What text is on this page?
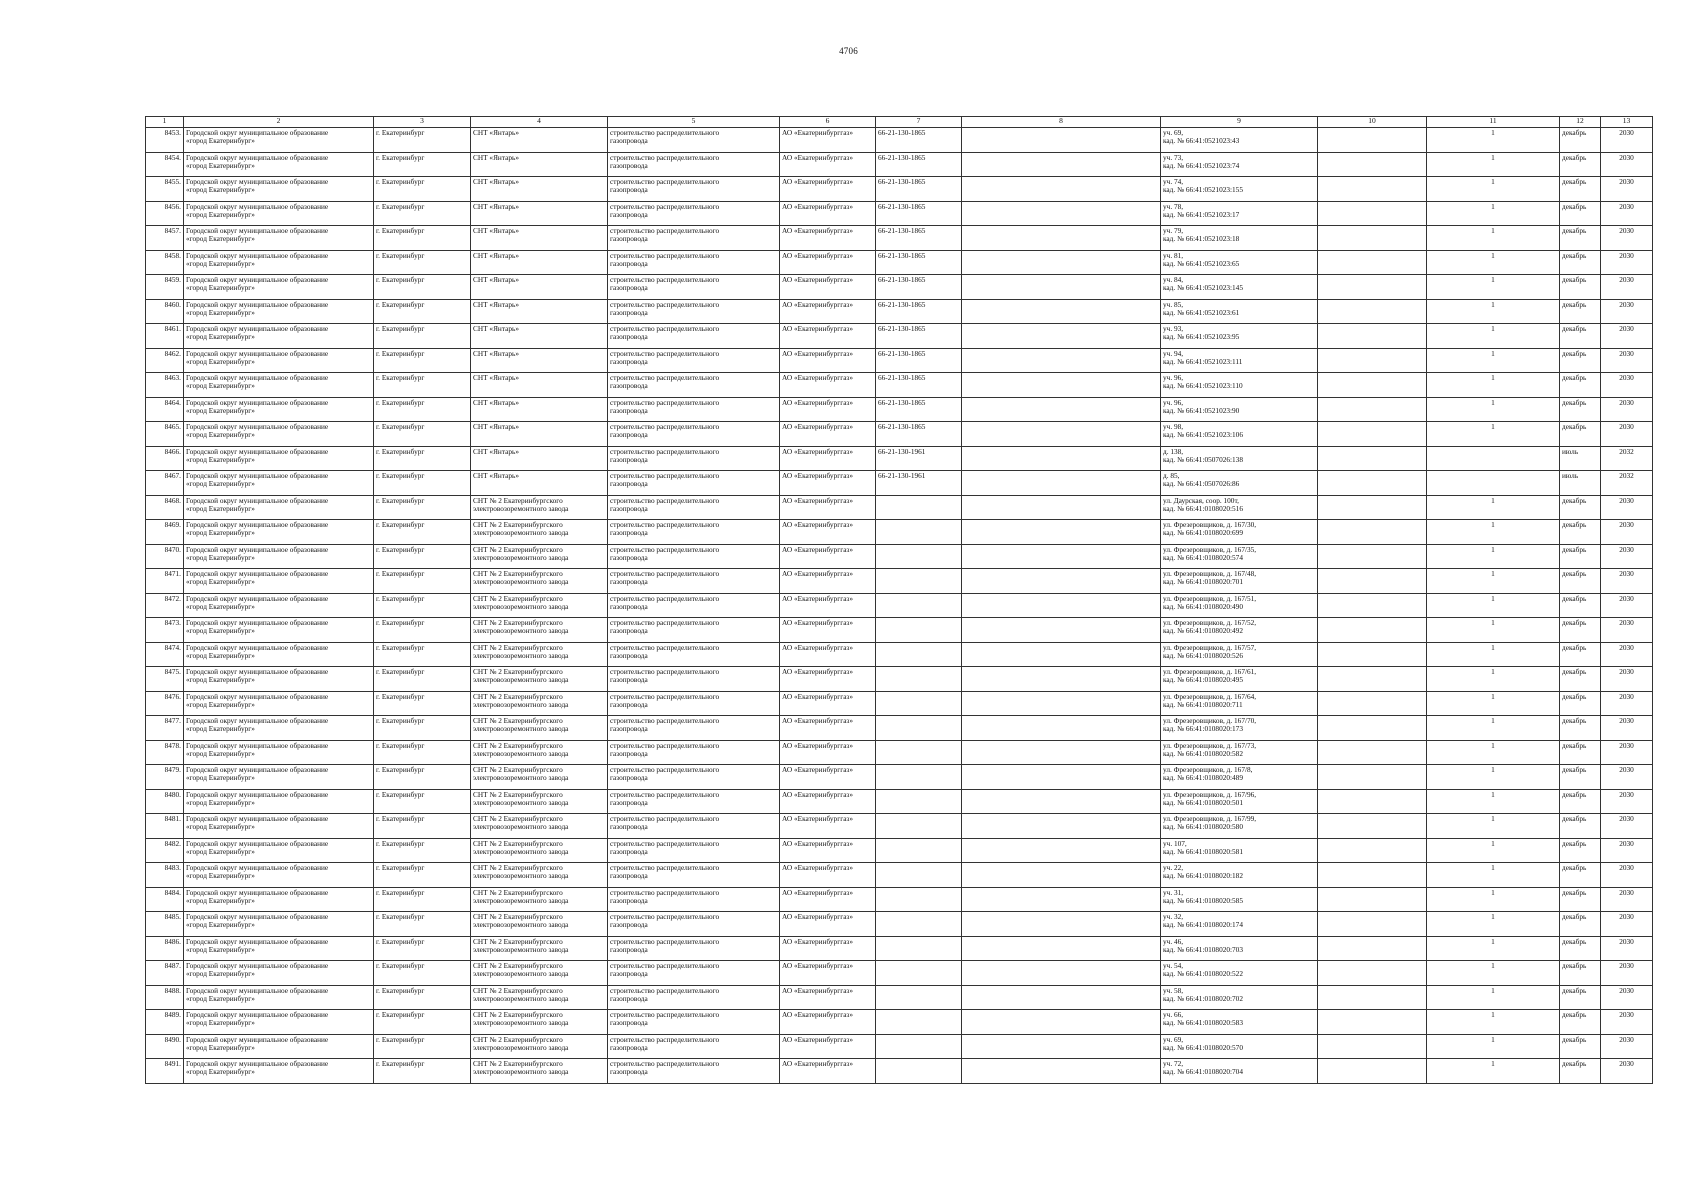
4706
1	2	3	4	5	6	7	8	9	10	11	12	13
8453.	Городской округ муниципальное образование
«город Екатеринбург»	г. Екатеринбург	СНТ «Янтарь»	строительство распределительного
газопровода	АО «Екатеринбурггаз»	66-21-130-1865		уч. 69,
кад. № 66:41:0521023:43		1	декабрь	2030
8454.	Городской округ муниципальное образование
«город Екатеринбург»	г. Екатеринбург	СНТ «Янтарь»	строительство распределительного
газопровода	АО «Екатеринбурггаз»	66-21-130-1865		уч. 73,
кад. № 66:41:0521023:74		1	декабрь	2030
8455.	Городской округ муниципальное образование
«город Екатеринбург»	г. Екатеринбург	СНТ «Янтарь»	строительство распределительного
газопровода	АО «Екатеринбурггаз»	66-21-130-1865		уч. 74,
кад. № 66:41:0521023:155		1	декабрь	2030
8456.	Городской округ муниципальное образование
«город Екатеринбург»	г. Екатеринбург	СНТ «Янтарь»	строительство распределительного
газопровода	АО «Екатеринбурггаз»	66-21-130-1865		уч. 78,
кад. № 66:41:0521023:17		1	декабрь	2030
8457.	Городской округ муниципальное образование
«город Екатеринбург»	г. Екатеринбург	СНТ «Янтарь»	строительство распределительного
газопровода	АО «Екатеринбурггаз»	66-21-130-1865		уч. 79,
кад. № 66:41:0521023:18		1	декабрь	2030
8458.	Городской округ муниципальное образование
«город Екатеринбург»	г. Екатеринбург	СНТ «Янтарь»	строительство распределительного
газопровода	АО «Екатеринбурггаз»	66-21-130-1865		уч. 81,
кад. № 66:41:0521023:65		1	декабрь	2030
8459.	Городской округ муниципальное образование
«город Екатеринбург»	г. Екатеринбург	СНТ «Янтарь»	строительство распределительного
газопровода	АО «Екатеринбурггаз»	66-21-130-1865		уч. 84,
кад. № 66:41:0521023:145		1	декабрь	2030
8460.	Городской округ муниципальное образование
«город Екатеринбург»	г. Екатеринбург	СНТ «Янтарь»	строительство распределительного
газопровода	АО «Екатеринбурггаз»	66-21-130-1865		уч. 85,
кад. № 66:41:0521023:61		1	декабрь	2030
8461.	Городской округ муниципальное образование
«город Екатеринбург»	г. Екатеринбург	СНТ «Янтарь»	строительство распределительного
газопровода	АО «Екатеринбурггаз»	66-21-130-1865		уч. 93,
кад. № 66:41:0521023:95		1	декабрь	2030
8462.	Городской округ муниципальное образование
«город Екатеринбург»	г. Екатеринбург	СНТ «Янтарь»	строительство распределительного
газопровода	АО «Екатеринбурггаз»	66-21-130-1865		уч. 94,
кад. № 66:41:0521023:111		1	декабрь	2030
8463.	Городской округ муниципальное образование
«город Екатеринбург»	г. Екатеринбург	СНТ «Янтарь»	строительство распределительного
газопровода	АО «Екатеринбурггаз»	66-21-130-1865		уч. 96,
кад. № 66:41:0521023:110		1	декабрь	2030
8464.	Городской округ муниципальное образование
«город Екатеринбург»	г. Екатеринбург	СНТ «Янтарь»	строительство распределительного
газопровода	АО «Екатеринбурггаз»	66-21-130-1865		уч. 96,
кад. № 66:41:0521023:90		1	декабрь	2030
8465.	Городской округ муниципальное образование
«город Екатеринбург»	г. Екатеринбург	СНТ «Янтарь»	строительство распределительного
газопровода	АО «Екатеринбурггаз»	66-21-130-1865		уч. 98,
кад. № 66:41:0521023:106		1	декабрь	2030
8466.	Городской округ муниципальное образование
«город Екатеринбург»	г. Екатеринбург	СНТ «Янтарь»	строительство распределительного
газопровода	АО «Екатеринбурггаз»	66-21-130-1961		д. 138,
кад. № 66:41:0507026:138			июль	2032
8467.	Городской округ муниципальное образование
«город Екатеринбург»	г. Екатеринбург	СНТ «Янтарь»	строительство распределительного
газопровода	АО «Екатеринбурггаз»	66-21-130-1961		д. 85,
кад. № 66:41:0507026:86			июль	2032
8468.	Городской округ муниципальное образование
«город Екатеринбург»	г. Екатеринбург	СНТ № 2 Екатеринбургского
электровозоремонтного завода	строительство распределительного
газопровода	АО «Екатеринбурггаз»			ул. Даурская, соор. 100т,
кад. № 66:41:0108020:516		1	декабрь	2030
8469.	Городской округ муниципальное образование
«город Екатеринбург»	г. Екатеринбург	СНТ № 2 Екатеринбургского
электровозоремонтного завода	строительство распределительного
газопровода	АО «Екатеринбурггаз»			ул. Фрезеровщиков, д. 167/30,
кад. № 66:41:0108020:699		1	декабрь	2030
8470.	Городской округ муниципальное образование
«город Екатеринбург»	г. Екатеринбург	СНТ № 2 Екатеринбургского
электровозоремонтного завода	строительство распределительного
газопровода	АО «Екатеринбурггаз»			ул. Фрезеровщиков, д. 167/35,
кад. № 66:41:0108020:574		1	декабрь	2030
8471.	Городской округ муниципальное образование
«город Екатеринбург»	г. Екатеринбург	СНТ № 2 Екатеринбургского
электровозоремонтного завода	строительство распределительного
газопровода	АО «Екатеринбурггаз»			ул. Фрезеровщиков, д. 167/48,
кад. № 66:41:0108020:701		1	декабрь	2030
8472.	Городской округ муниципальное образование
«город Екатеринбург»	г. Екатеринбург	СНТ № 2 Екатеринбургского
электровозоремонтного завода	строительство распределительного
газопровода	АО «Екатеринбурггаз»			ул. Фрезеровщиков, д. 167/51,
кад. № 66:41:0108020:490		1	декабрь	2030
8473.	Городской округ муниципальное образование
«город Екатеринбург»	г. Екатеринбург	СНТ № 2 Екатеринбургского
электровозоремонтного завода	строительство распределительного
газопровода	АО «Екатеринбурггаз»			ул. Фрезеровщиков, д. 167/52,
кад. № 66:41:0108020:492		1	декабрь	2030
8474.	Городской округ муниципальное образование
«город Екатеринбург»	г. Екатеринбург	СНТ № 2 Екатеринбургского
электровозоремонтного завода	строительство распределительного
газопровода	АО «Екатеринбурггаз»			ул. Фрезеровщиков, д. 167/57,
кад. № 66:41:0108020:526		1	декабрь	2030
8475.	Городской округ муниципальное образование
«город Екатеринбург»	г. Екатеринбург	СНТ № 2 Екатеринбургского
электровозоремонтного завода	строительство распределительного
газопровода	АО «Екатеринбурггаз»			ул. Фрезеровщиков, д. 167/61,
кад. № 66:41:0108020:495		1	декабрь	2030
8476.	Городской округ муниципальное образование
«город Екатеринбург»	г. Екатеринбург	СНТ № 2 Екатеринбургского
электровозоремонтного завода	строительство распределительного
газопровода	АО «Екатеринбурггаз»			ул. Фрезеровщиков, д. 167/64,
кад. № 66:41:0108020:711		1	декабрь	2030
8477.	Городской округ муниципальное образование
«город Екатеринбург»	г. Екатеринбург	СНТ № 2 Екатеринбургского
электровозоремонтного завода	строительство распределительного
газопровода	АО «Екатеринбурггаз»			ул. Фрезеровщиков, д. 167/70,
кад. № 66:41:0108020:173		1	декабрь	2030
8478.	Городской округ муниципальное образование
«город Екатеринбург»	г. Екатеринбург	СНТ № 2 Екатеринбургского
электровозоремонтного завода	строительство распределительного
газопровода	АО «Екатеринбурггаз»			ул. Фрезеровщиков, д. 167/73,
кад. № 66:41:0108020:582		1	декабрь	2030
8479.	Городской округ муниципальное образование
«город Екатеринбург»	г. Екатеринбург	СНТ № 2 Екатеринбургского
электровозоремонтного завода	строительство распределительного
газопровода	АО «Екатеринбурггаз»			ул. Фрезеровщиков, д. 167/8,
кад. № 66:41:0108020:489		1	декабрь	2030
8480.	Городской округ муниципальное образование
«город Екатеринбург»	г. Екатеринбург	СНТ № 2 Екатеринбургского
электровозоремонтного завода	строительство распределительного
газопровода	АО «Екатеринбурггаз»			ул. Фрезеровщиков, д. 167/96,
кад. № 66:41:0108020:501		1	декабрь	2030
8481.	Городской округ муниципальное образование
«город Екатеринбург»	г. Екатеринбург	СНТ № 2 Екатеринбургского
электровозоремонтного завода	строительство распределительного
газопровода	АО «Екатеринбурггаз»			ул. Фрезеровщиков, д. 167/99,
кад. № 66:41:0108020:580		1	декабрь	2030
8482.	Городской округ муниципальное образование
«город Екатеринбург»	г. Екатеринбург	СНТ № 2 Екатеринбургского
электровозоремонтного завода	строительство распределительного
газопровода	АО «Екатеринбурггаз»			уч. 107,
кад. № 66:41:0108020:581		1	декабрь	2030
8483.	Городской округ муниципальное образование
«город Екатеринбург»	г. Екатеринбург	СНТ № 2 Екатеринбургского
электровозоремонтного завода	строительство распределительного
газопровода	АО «Екатеринбурггаз»			уч. 22,
кад. № 66:41:0108020:182		1	декабрь	2030
8484.	Городской округ муниципальное образование
«город Екатеринбург»	г. Екатеринбург	СНТ № 2 Екатеринбургского
электровозоремонтного завода	строительство распределительного
газопровода	АО «Екатеринбурггаз»			уч. 31,
кад. № 66:41:0108020:585		1	декабрь	2030
8485.	Городской округ муниципальное образование
«город Екатеринбург»	г. Екатеринбург	СНТ № 2 Екатеринбургского
электровозоремонтного завода	строительство распределительного
газопровода	АО «Екатеринбурггаз»			уч. 32,
кад. № 66:41:0108020:174		1	декабрь	2030
8486.	Городской округ муниципальное образование
«город Екатеринбург»	г. Екатеринбург	СНТ № 2 Екатеринбургского
электровозоремонтного завода	строительство распределительного
газопровода	АО «Екатеринбурггаз»			уч. 46,
кад. № 66:41:0108020:703		1	декабрь	2030
8487.	Городской округ муниципальное образование
«город Екатеринбург»	г. Екатеринбург	СНТ № 2 Екатеринбургского
электровозоремонтного завода	строительство распределительного
газопровода	АО «Екатеринбурггаз»			уч. 54,
кад. № 66:41:0108020:522		1	декабрь	2030
8488.	Городской округ муниципальное образование
«город Екатеринбург»	г. Екатеринбург	СНТ № 2 Екатеринбургского
электровозоремонтного завода	строительство распределительного
газопровода	АО «Екатеринбурггаз»			уч. 58,
кад. № 66:41:0108020:702		1	декабрь	2030
8489.	Городской округ муниципальное образование
«город Екатеринбург»	г. Екатеринбург	СНТ № 2 Екатеринбургского
электровозоремонтного завода	строительство распределительного
газопровода	АО «Екатеринбурггаз»			уч. 66,
кад. № 66:41:0108020:583		1	декабрь	2030
8490.	Городской округ муниципальное образование
«город Екатеринбург»	г. Екатеринбург	СНТ № 2 Екатеринбургского
электровозоремонтного завода	строительство распределительного
газопровода	АО «Екатеринбурггаз»			уч. 69,
кад. № 66:41:0108020:570		1	декабрь	2030
8491.	Городской округ муниципальное образование
«город Екатеринбург»	г. Екатеринбург	СНТ № 2 Екатеринбургского
электровозоремонтного завода	строительство распределительного
газопровода	АО «Екатеринбурггаз»			уч. 72,
кад. № 66:41:0108020:704		1	декабрь	2030
